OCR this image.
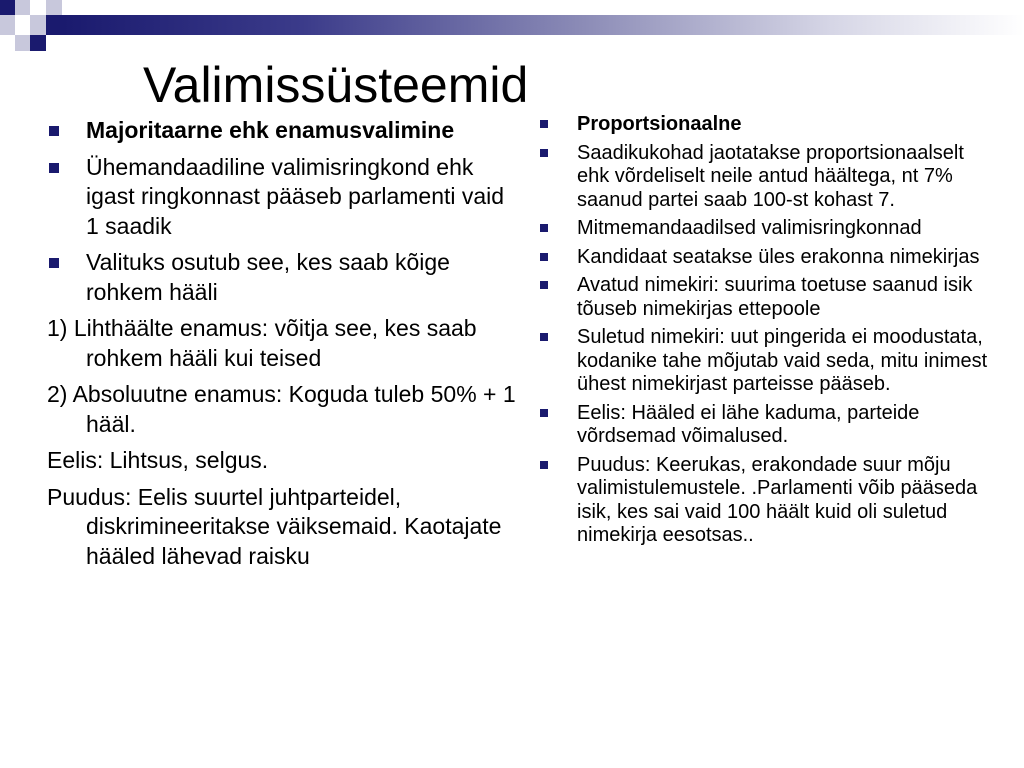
Valimissüsteemid
Majoritaarne ehk enamusvalimine
Ühemandaadiline valimisringkond ehk igast ringkonnast pääseb parlamenti vaid 1 saadik
Valituks osutub see, kes saab kõige rohkem hääli
1) Lihthäälte enamus: võitja see, kes saab rohkem hääli kui teised
2) Absoluutne enamus: Koguda tuleb 50% + 1 hääl.
Eelis: Lihtsus, selgus.
Puudus: Eelis suurtel juhtparteidel, diskrimineeritakse väiksemaid. Kaotajate hääled lähevad raisku
Proportsionaalne
Saadikukohad jaotatakse proportsionaalselt ehk võrdeliselt neile antud häältega, nt 7% saanud partei saab 100-st kohast 7.
Mitmemandaadilsed valimisringkonnad
Kandidaat seatakse üles erakonna nimekirjas
Avatud nimekiri: suurima toetuse saanud isik tõuseb nimekirjas ettepoole
Suletud nimekiri: uut pingerida ei moodustata, kodanike tahe mõjutab vaid seda, mitu inimest ühest nimekirjast parteisse pääseb.
Eelis: Hääled ei lähe kaduma, parteide võrdsemad võimalused.
Puudus: Keerukas, erakondade suur mõju valimistulemustele. .Parlamenti võib pääseda isik, kes sai vaid 100 häält kuid oli suletud nimekirja eesotsas..
